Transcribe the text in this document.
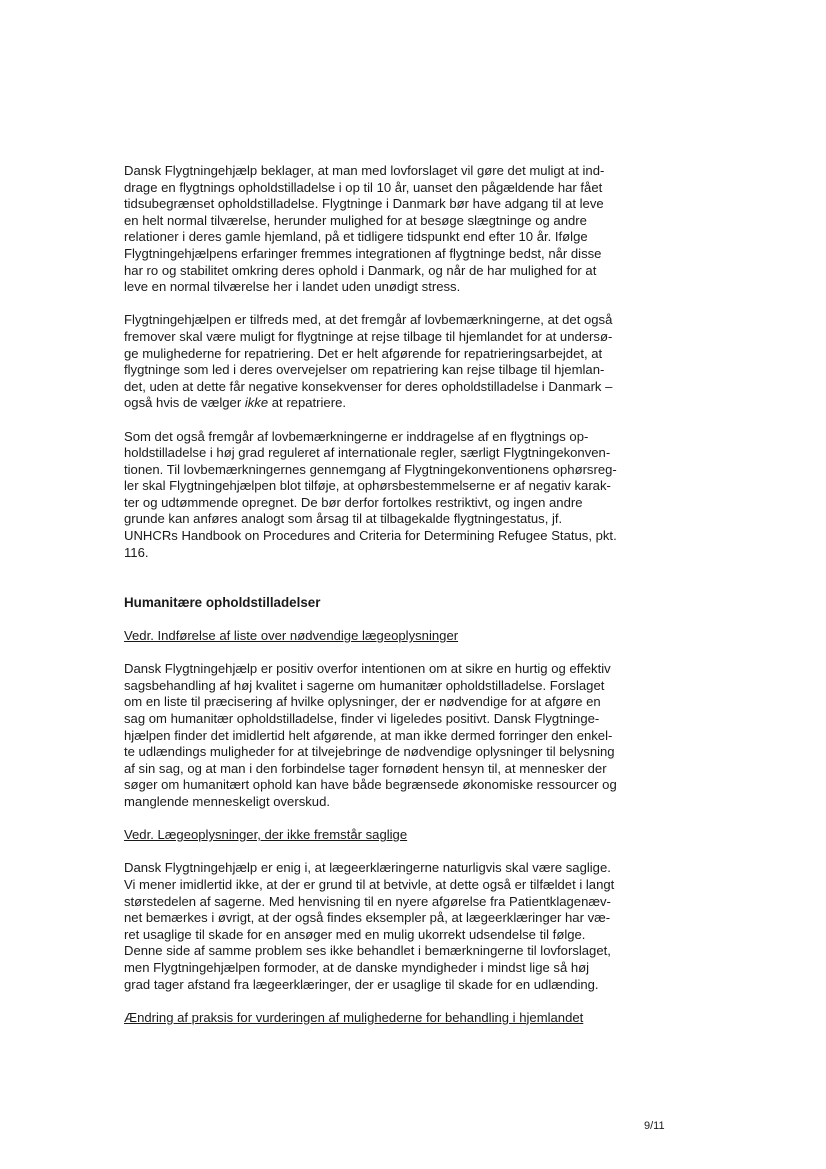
Dansk Flygtningehjælp beklager, at man med lovforslaget vil gøre det muligt at ind-
drage en flygtnings opholdstilladelse i op til 10 år, uanset den pågældende har fået
tidsubegrænset opholdstilladelse. Flygtninge i Danmark bør have adgang til at leve
en helt normal tilværelse, herunder mulighed for at besøge slægtninge og andre
relationer i deres gamle hjemland, på et tidligere tidspunkt end efter 10 år. Ifølge
Flygtningehjælpens erfaringer fremmes integrationen af flygtninge bedst, når disse
har ro og stabilitet omkring deres ophold i Danmark, og når de har mulighed for at
leve en normal tilværelse her i landet uden unødigt stress.
Flygtningehjælpen er tilfreds med, at det fremgår af lovbemærkningerne, at det også
fremover skal være muligt for flygtninge at rejse tilbage til hjemlandet for at undersø-
ge mulighederne for repatriering. Det er helt afgørende for repatrieringsarbejdet, at
flygtninge som led i deres overvejelser om repatriering kan rejse tilbage til hjemlan-
det, uden at dette får negative konsekvenser for deres opholdstilladelse i Danmark –
også hvis de vælger ikke at repatriere.
Som det også fremgår af lovbemærkningerne er inddragelse af en flygtnings op-
holdstilladelse i høj grad reguleret af internationale regler, særligt Flygtningekonven-
tionen. Til lovbemærkningernes gennemgang af Flygtningekonventionens ophørsreg-
ler skal Flygtningehjælpen blot tilføje, at ophørsbestemmelserne er af negativ karak-
ter og udtømmende opregnet. De bør derfor fortolkes restriktivt, og ingen andre
grunde kan anføres analogt som årsag til at tilbagekalde flygtningestatus, jf.
UNHCRs Handbook on Procedures and Criteria for Determining Refugee Status, pkt.
116.

Humanitære opholdstilladelser

Vedr. Indførelse af liste over nødvendige lægeoplysninger

Dansk Flygtningehjælp er positiv overfor intentionen om at sikre en hurtig og effektiv
sagsbehandling af høj kvalitet i sagerne om humanitær opholdstilladelse. Forslaget
om en liste til præcisering af hvilke oplysninger, der er nødvendige for at afgøre en
sag om humanitær opholdstilladelse, finder vi ligeledes positivt. Dansk Flygtninge-
hjælpen finder det imidlertid helt afgørende, at man ikke dermed forringer den enkel-
te udlændings muligheder for at tilvejebringe de nødvendige oplysninger til belysning
af sin sag, og at man i den forbindelse tager fornødent hensyn til, at mennesker der
søger om humanitært ophold kan have både begrænsede økonomiske ressourcer og
manglende menneskeligt overskud.

Vedr. Lægeoplysninger, der ikke fremstår saglige

Dansk Flygtningehjælp er enig i, at lægeerklæringerne naturligvis skal være saglige.
Vi mener imidlertid ikke, at der er grund til at betvivle, at dette også er tilfældet i langt
størstedelen af sagerne. Med henvisning til en nyere afgørelse fra Patientklagenæv-
net bemærkes i øvrigt, at der også findes eksempler på, at lægeerklæringer har væ-
ret usaglige til skade for en ansøger med en mulig ukorrekt udsendelse til følge.
Denne side af samme problem ses ikke behandlet i bemærkningerne til lovforslaget,
men Flygtningehjælpen formoder, at de danske myndigheder i mindst lige så høj
grad tager afstand fra lægeerklæringer, der er usaglige til skade for en udlænding.

Ændring af praksis for vurderingen af mulighederne for behandling i hjemlandet

9/11
